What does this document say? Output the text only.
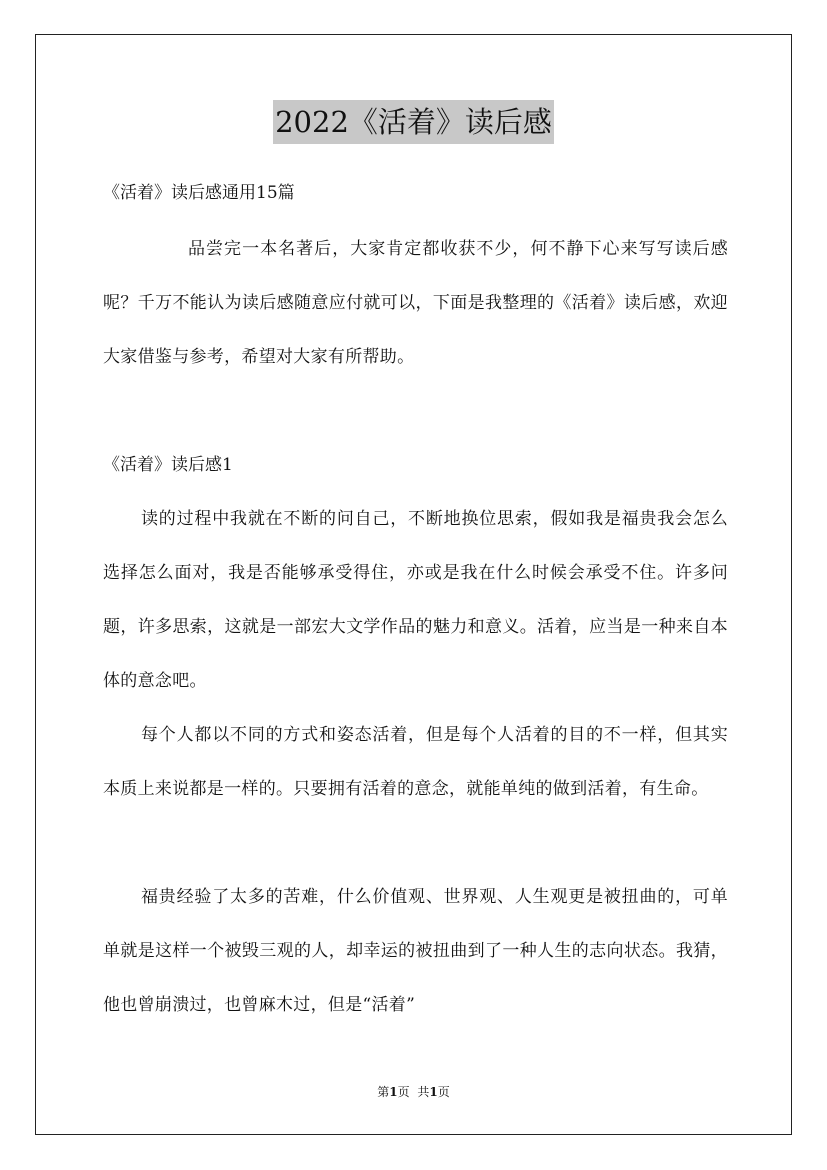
2022《活着》读后感
《活着》读后感通用15篇
品尝完一本名著后，大家肯定都收获不少，何不静下心来写写读后感呢？千万不能认为读后感随意应付就可以，下面是我整理的《活着》读后感，欢迎大家借鉴与参考，希望对大家有所帮助。
《活着》读后感1
读的过程中我就在不断的问自己，不断地换位思索，假如我是福贵我会怎么选择怎么面对，我是否能够承受得住，亦或是我在什么时候会承受不住。许多问题，许多思索，这就是一部宏大文学作品的魅力和意义。活着，应当是一种来自本体的意念吧。
每个人都以不同的方式和姿态活着，但是每个人活着的目的不一样，但其实本质上来说都是一样的。只要拥有活着的意念，就能单纯的做到活着，有生命。
福贵经验了太多的苦难，什么价值观、世界观、人生观更是被扭曲的，可单单就是这样一个被毁三观的人，却幸运的被扭曲到了一种人生的志向状态。我猜，他也曾崩溃过，也曾麻木过，但是“活着”
第1页 共1页
